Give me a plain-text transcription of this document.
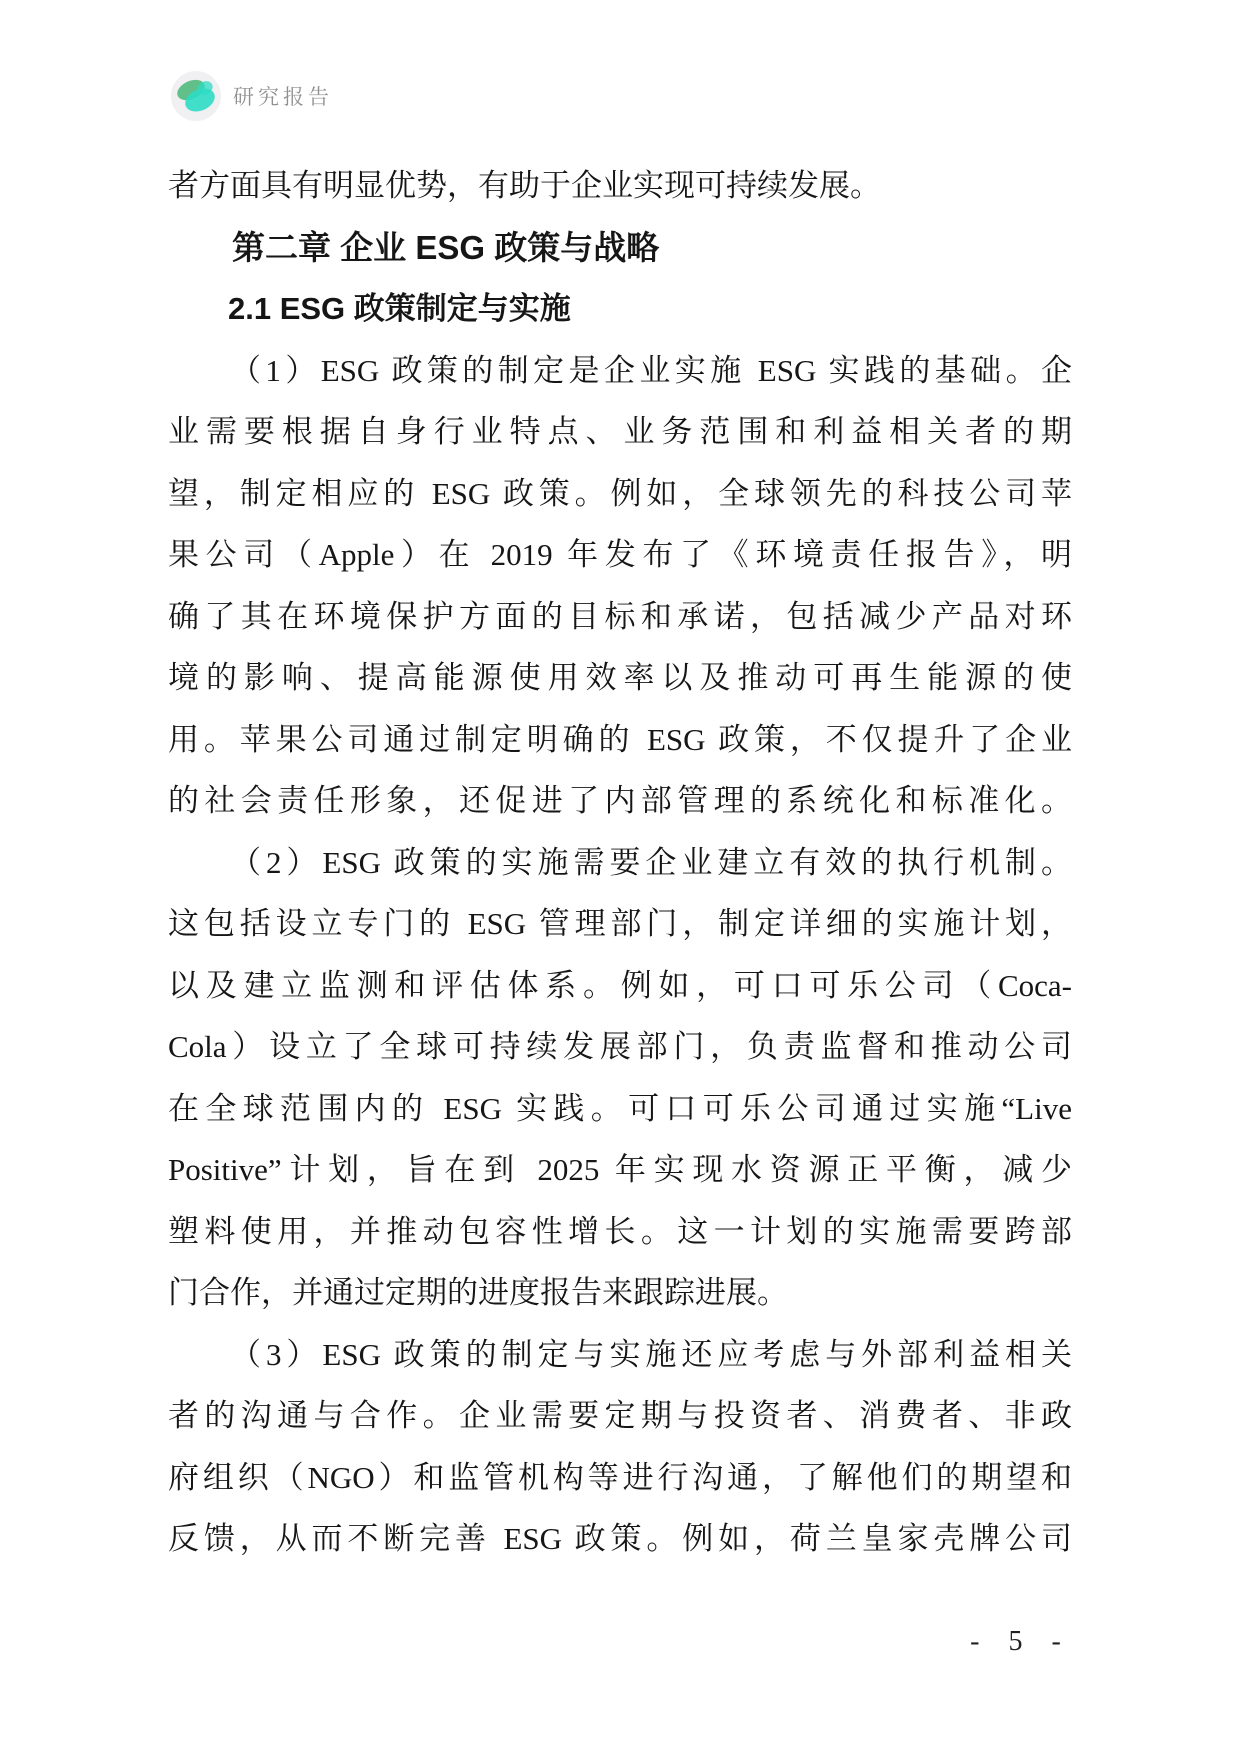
研究报告
者方面具有明显优势，有助于企业实现可持续发展。
第二章 企业 ESG 政策与战略
2.1 ESG 政策制定与实施
（1）ESG 政策的制定是企业实施 ESG 实践的基础。企
业需要根据自身行业特点、业务范围和利益相关者的期
望，制定相应的 ESG 政策。例如，全球领先的科技公司苹
果公司（Apple）在 2019 年发布了《环境责任报告》，明
确了其在环境保护方面的目标和承诺，包括减少产品对环
境的影响、提高能源使用效率以及推动可再生能源的使
用。苹果公司通过制定明确的 ESG 政策，不仅提升了企业
的社会责任形象，还促进了内部管理的系统化和标准化。
（2）ESG 政策的实施需要企业建立有效的执行机制。
这包括设立专门的 ESG 管理部门，制定详细的实施计划，
以及建立监测和评估体系。例如，可口可乐公司（Coca-
Cola）设立了全球可持续发展部门，负责监督和推动公司
在全球范围内的 ESG 实践。可口可乐公司通过实施“Live
Positive”计划，旨在到 2025 年实现水资源正平衡，减少
塑料使用，并推动包容性增长。这一计划的实施需要跨部
门合作，并通过定期的进度报告来跟踪进展。
（3）ESG 政策的制定与实施还应考虑与外部利益相关
者的沟通与合作。企业需要定期与投资者、消费者、非政
府组织（NGO）和监管机构等进行沟通，了解他们的期望和
反馈，从而不断完善 ESG 政策。例如，荷兰皇家壳牌公司
- 5 -
